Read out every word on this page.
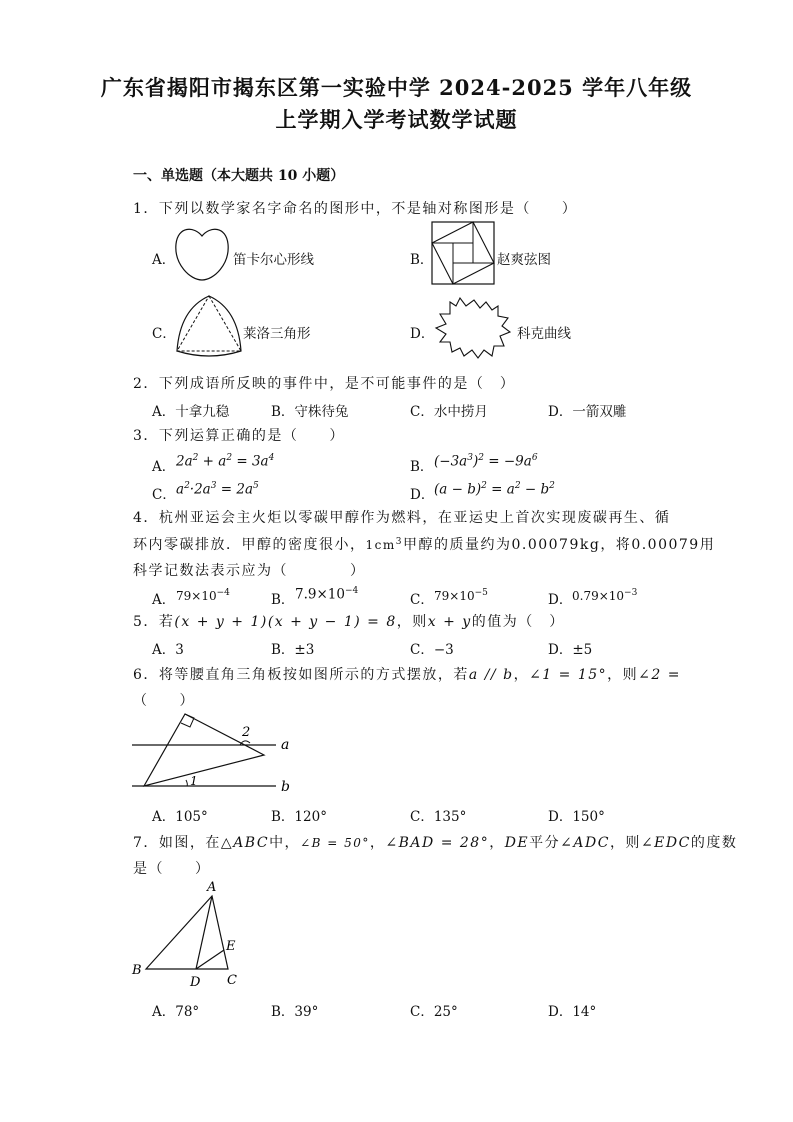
广东省揭阳市揭东区第一实验中学 2024-2025 学年八年级
上学期入学考试数学试题
一、单选题（本大题共 10 小题）
1．下列以数学家名字命名的图形中，不是轴对称图形是（　　）
A．	笛卡尔心形线	B．	赵爽弦图
C．	莱洛三角形	D．	科克曲线
2．下列成语所反映的事件中，是不可能事件的是（　）
A．十拿九稳	B．守株待兔	C．水中捞月	D．一箭双雕
3．下列运算正确的是（　　）
A． $2a^2 + a^2 = 3a^4$
B． $(-3a^3)^2 = -9a^6$
C． $a^2\cdot 2a^3 = 2a^5$
D． $(a - b)^2 = a^2 - b^2$
4．杭州亚运会主火炬以零碳甲醇作为燃料，在亚运史上首次实现废碳再生、循
环内零碳排放．甲醇的密度很小，$1cm^3$甲醇的质量约为0.00079kg，将0.00079用
科学记数法表示应为（　　　　）
A． $79\times 10^{-4}$	B． $7.9\times 10^{-4}$
C． $79\times 10^{-5}$	D． $0.79\times 10^{-3}$
5．若(x + y + 1)(x + y − 1) = 8，则x + y的值为（　）
A．3	B．±3	C．−3	D．±5
6．将等腰直角三角板按如图所示的方式摆放，若a // b，∠1 = 15°，则∠2 =
（　　）
a
b
1
2
A．105°	B．120°	C．135°	D．150°
7．如图，在△ABC中，∠B = 50°，∠BAD = 28°，DE平分∠ADC，则∠EDC的度数
是（　　）
A
B
C
D
E
A．78°	B．39°	C．25°	D．14°
